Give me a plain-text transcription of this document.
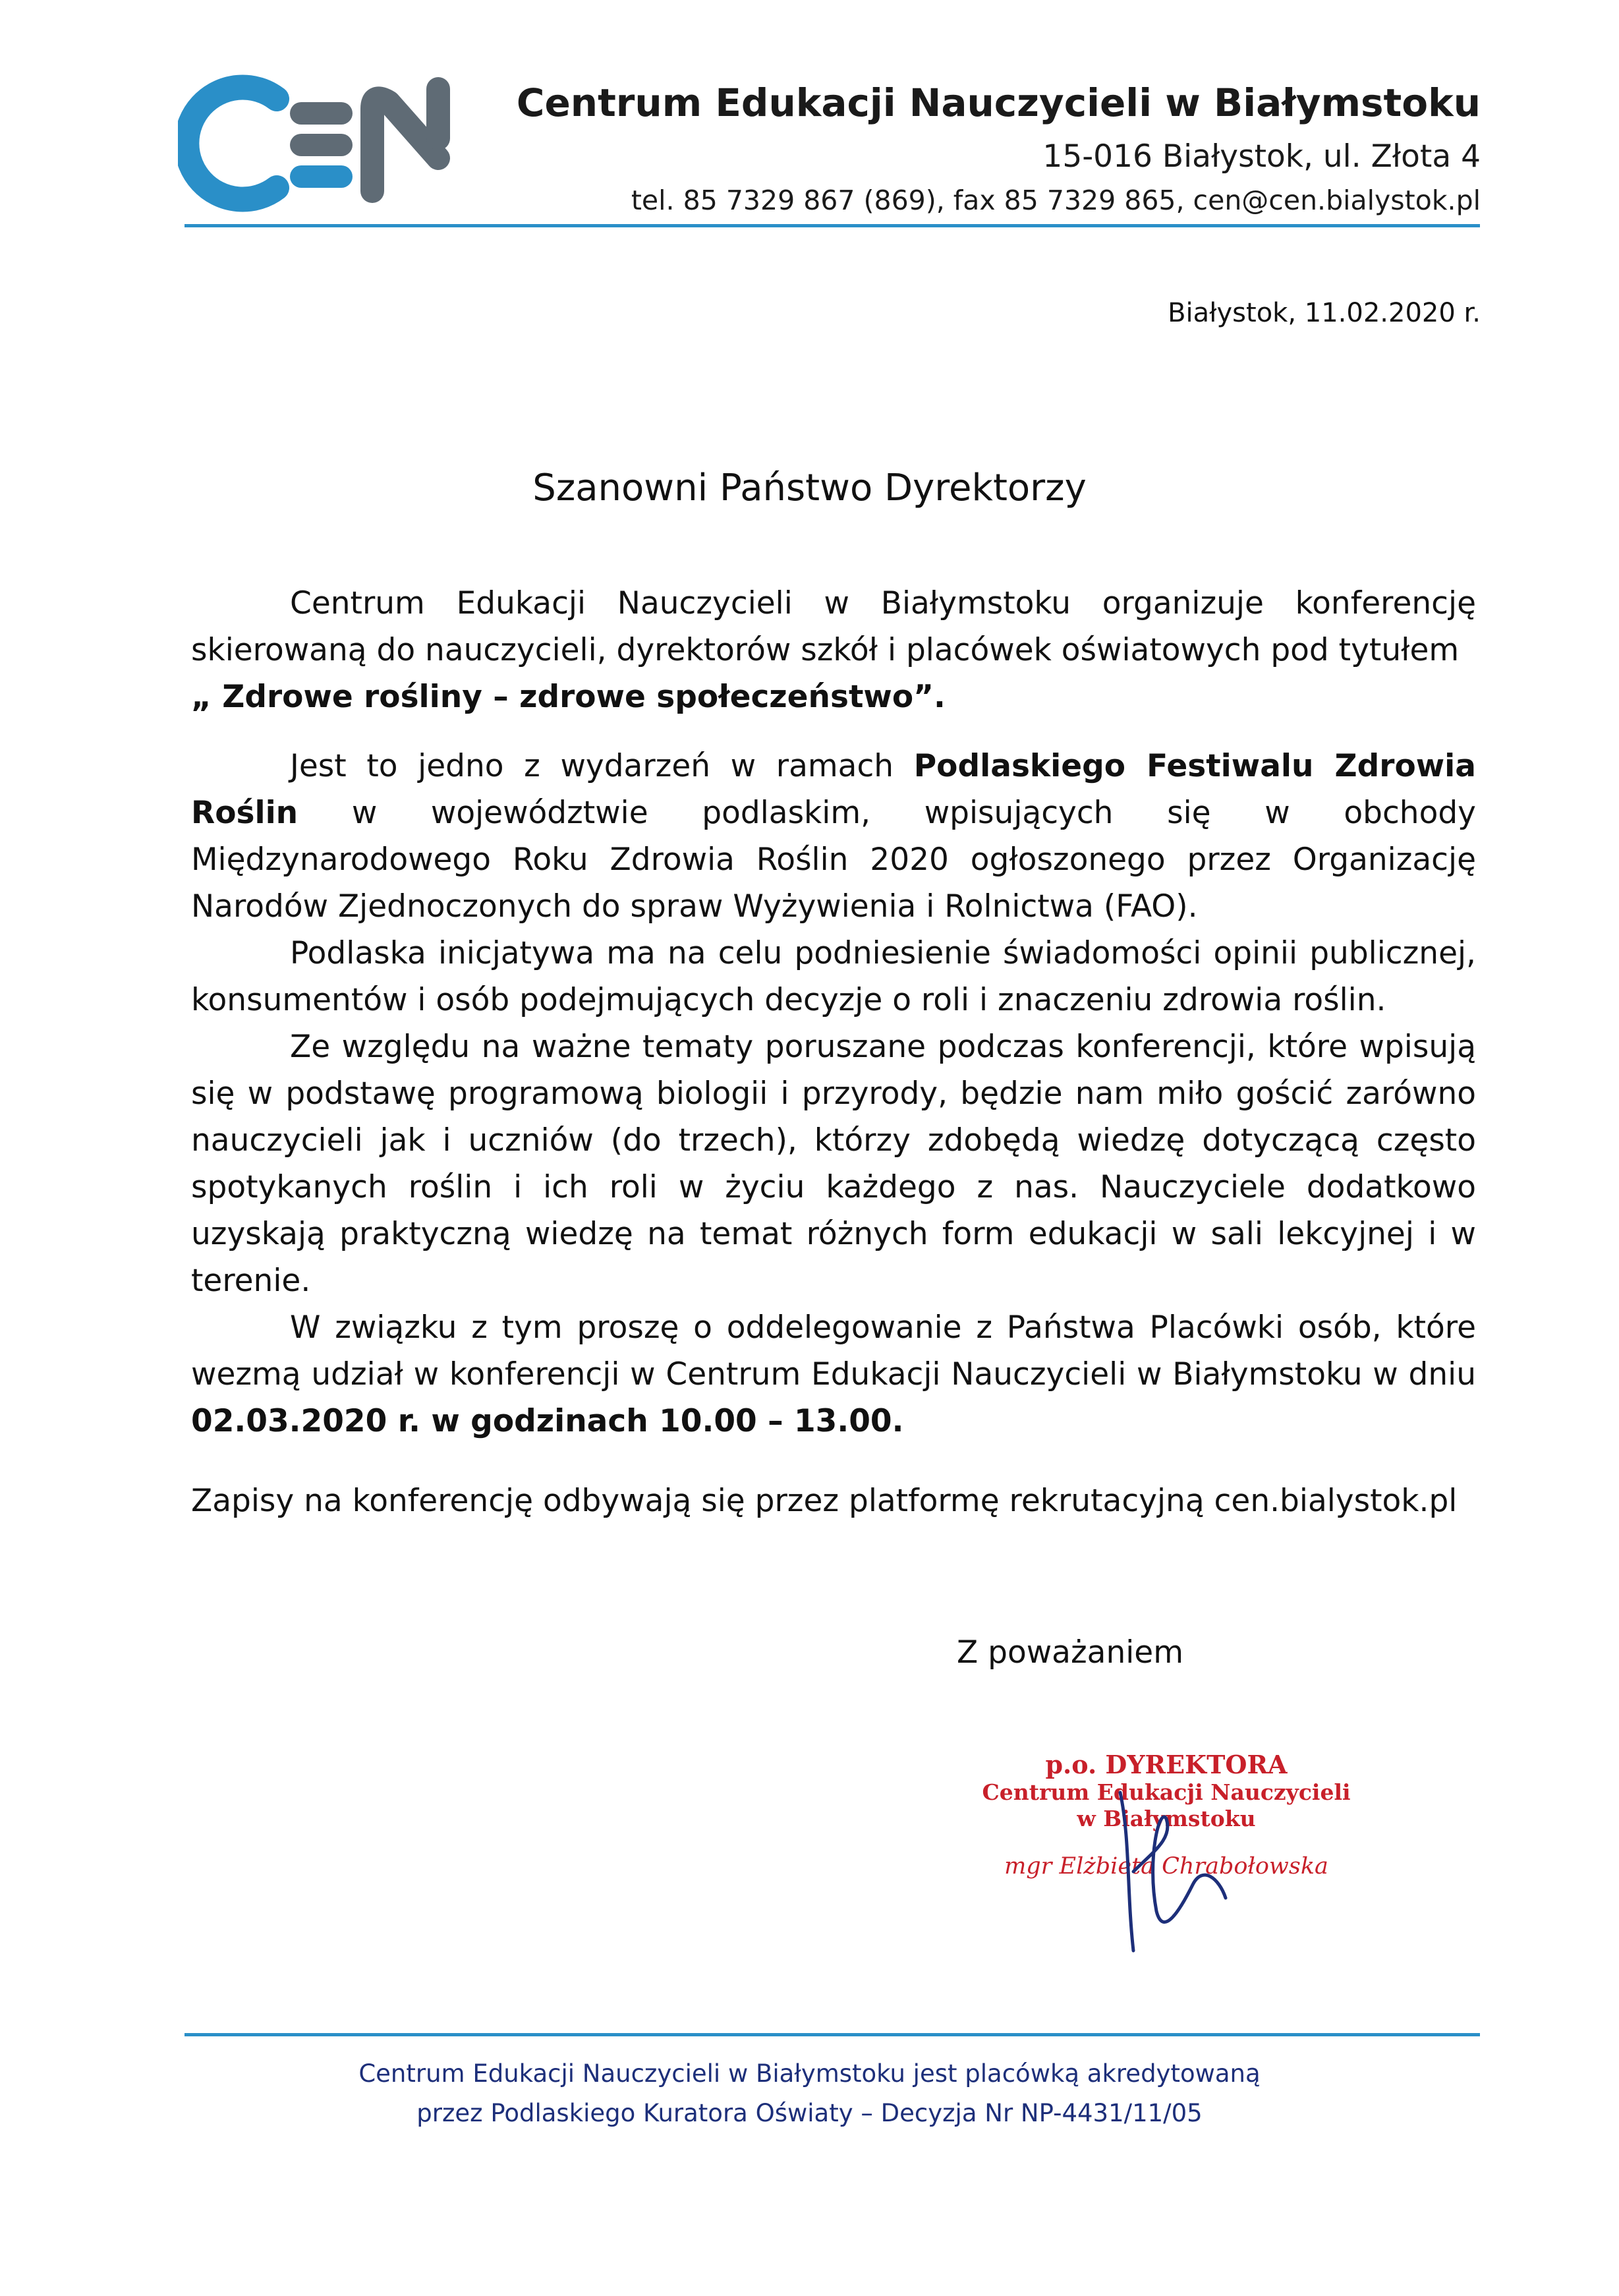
Centrum Edukacji Nauczycieli w Białymstoku
15-016 Białystok, ul. Złota 4
tel. 85 7329 867 (869), fax 85 7329 865, cen@cen.bialystok.pl
Białystok, 11.02.2020 r.
Szanowni Państwo Dyrektorzy

Centrum Edukacji Nauczycieli w Białymstoku organizuje konferencję skierowaną do nauczycieli, dyrektorów szkół i placówek oświatowych pod tytułem
„ Zdrowe rośliny – zdrowe społeczeństwo”.

Jest to jedno z wydarzeń w ramach Podlaskiego Festiwalu Zdrowia Roślin w województwie podlaskim, wpisujących się w obchody Międzynarodowego Roku Zdrowia Roślin 2020 ogłoszonego przez Organizację Narodów Zjednoczonych do spraw Wyżywienia i Rolnictwa (FAO).

Podlaska inicjatywa ma na celu podniesienie świadomości opinii publicznej, konsumentów i osób podejmujących decyzje o roli i znaczeniu zdrowia roślin.

Ze względu na ważne tematy poruszane podczas konferencji, które wpisują się w podstawę programową biologii i przyrody, będzie nam miło gościć zarówno nauczycieli jak i uczniów (do trzech), którzy zdobędą wiedzę dotyczącą często spotykanych roślin i ich roli w życiu każdego z nas. Nauczyciele dodatkowo uzyskają praktyczną wiedzę na temat różnych form edukacji w sali lekcyjnej i w terenie.

W związku z tym proszę o oddelegowanie z Państwa Placówki osób, które wezmą udział w konferencji w Centrum Edukacji Nauczycieli w Białymstoku w dniu 02.03.2020 r. w godzinach 10.00 – 13.00.

Zapisy na konferencję odbywają się przez platformę rekrutacyjną cen.bialystok.pl

Z poważaniem
p.o. DYREKTORA
Centrum Edukacji Nauczycieli
w Białymstoku
mgr Elżbieta Chrabołowska
Centrum Edukacji Nauczycieli w Białymstoku jest placówką akredytowaną
przez Podlaskiego Kuratora Oświaty – Decyzja Nr NP-4431/11/05
